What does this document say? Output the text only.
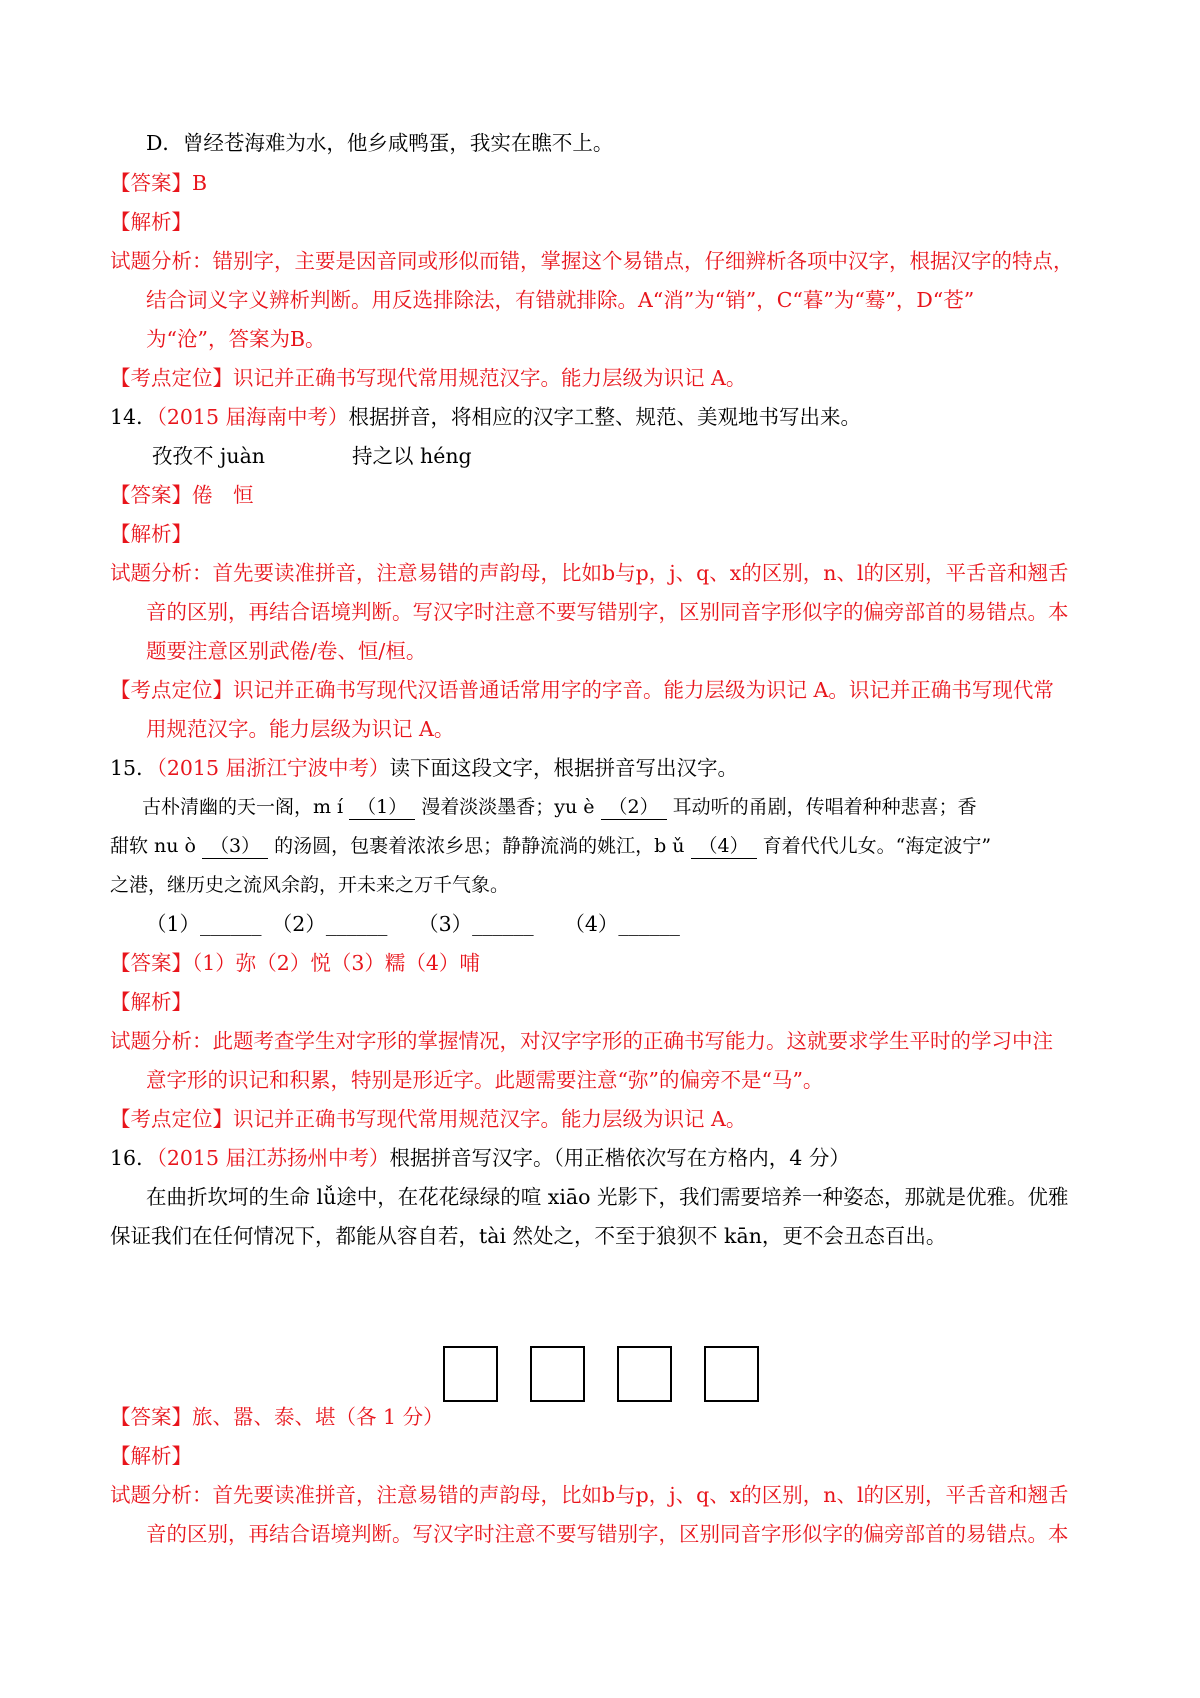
D．曾经苍海难为水，他乡咸鸭蛋，我实在瞧不上。
【答案】B
【解析】
试题分析：错别字，主要是因音同或形似而错，掌握这个易错点，仔细辨析各项中汉字，根据汉字的特点，
结合词义字义辨析判断。用反选排除法，有错就排除。A“消”为“销”，C“暮”为“蓦”，D“苍”
为“沧”，答案为B。
【考点定位】识记并正确书写现代常用规范汉字。能力层级为识记 A。
14．（2015 届海南中考）根据拼音，将相应的汉字工整、规范、美观地书写出来。
孜孜不 juàn	持之以 héng
【答案】倦　恒
【解析】
试题分析：首先要读准拼音，注意易错的声韵母，比如b与p，j、q、x的区别，n、l的区别，平舌音和翘舌
音的区别，再结合语境判断。写汉字时注意不要写错别字，区别同音字形似字的偏旁部首的易错点。本
题要注意区别武倦/卷、恒/桓。
【考点定位】识记并正确书写现代汉语普通话常用字的字音。能力层级为识记 A。识记并正确书写现代常
用规范汉字。能力层级为识记 A。
15．（2015 届浙江宁波中考）读下面这段文字，根据拼音写出汉字。
古朴清幽的天一阁，m í （1） 漫着淡淡墨香；yu è （2） 耳动听的甬剧，传唱着种种悲喜；香
甜软 nu ò （3） 的汤圆，包裹着浓浓乡思；静静流淌的姚江，b ǔ （4） 育着代代儿女。“海定波宁”
之港，继历史之流风余韵，开未来之万千气象。
（1）______　（2）______　　（3）______　　（4）______
【答案】（1）弥（2）悦（3）糯（4）哺
【解析】
试题分析：此题考查学生对字形的掌握情况，对汉字字形的正确书写能力。这就要求学生平时的学习中注
意字形的识记和积累，特别是形近字。此题需要注意“弥”的偏旁不是“马”。
【考点定位】识记并正确书写现代常用规范汉字。能力层级为识记 A。
16．（2015 届江苏扬州中考）根据拼音写汉字。（用正楷依次写在方格内，4 分）
在曲折坎坷的生命 lǚ途中，在花花绿绿的喧 xiāo 光影下，我们需要培养一种姿态，那就是优雅。优雅
保证我们在任何情况下，都能从容自若，tài 然处之，不至于狼狈不 kān，更不会丑态百出。
【答案】旅、嚣、泰、堪（各 1 分）
【解析】
试题分析：首先要读准拼音，注意易错的声韵母，比如b与p，j、q、x的区别，n、l的区别，平舌音和翘舌
音的区别，再结合语境判断。写汉字时注意不要写错别字，区别同音字形似字的偏旁部首的易错点。本
